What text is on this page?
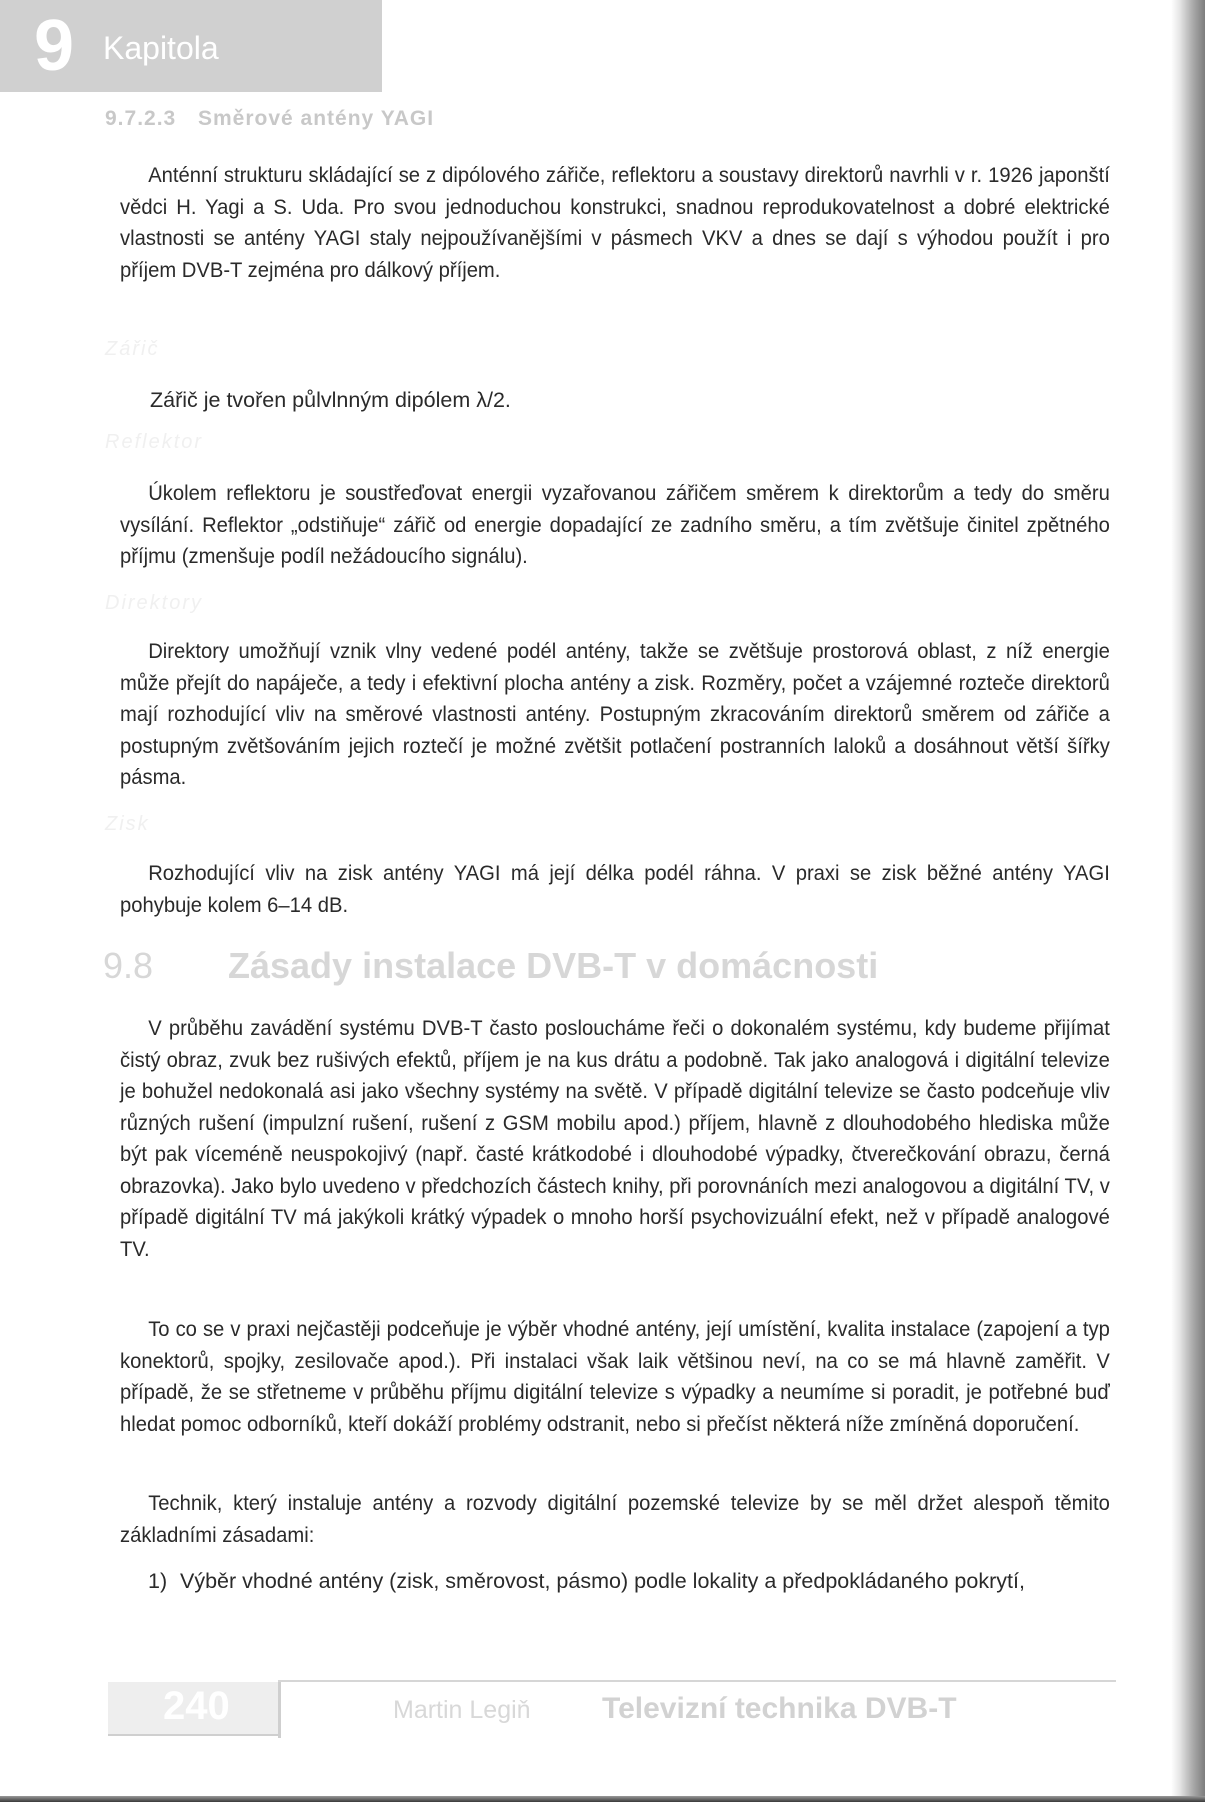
9 Kapitola
9.7.2.3 Směrové antény YAGI

Anténní strukturu skládající se z dipólového zářiče, reflektoru a soustavy direktorů navrhli v r. 1926 japonští vědci H. Yagi a S. Uda. Pro svou jednoduchou konstrukci, snadnou reprodukovatelnost a dobré elektrické vlastnosti se antény YAGI staly nejpoužívanějšími v pásmech VKV a dnes se dají s výhodou použít i pro příjem DVB-T zejména pro dálkový příjem.

Zářič
Zářič je tvořen půlvlnným dipólem λ/2.
Reflektor

Úkolem reflektoru je soustřeďovat energii vyzařovanou zářičem směrem k direktorům a tedy do směru vysílání. Reflektor „odstiňuje“ zářič od energie dopadající ze zadního směru, a tím zvětšuje činitel zpětného příjmu (zmenšuje podíl nežádoucího signálu).

Direktory

Direktory umožňují vznik vlny vedené podél antény, takže se zvětšuje prostorová oblast, z níž energie může přejít do napáječe, a tedy i efektivní plocha antény a zisk. Rozměry, počet a vzájemné rozteče direktorů mají rozhodující vliv na směrové vlastnosti antény. Postupným zkracováním direktorů směrem od zářiče a postupným zvětšováním jejich roztečí je možné zvětšit potlačení postranních laloků a dosáhnout větší šířky pásma.

Zisk

Rozhodující vliv na zisk antény YAGI má její délka podél ráhna. V praxi se zisk běžné antény YAGI pohybuje kolem 6–14 dB.

9.8 Zásady instalace DVB-T v domácnosti

V průběhu zavádění systému DVB-T často posloucháme řeči o dokonalém systému, kdy budeme přijímat čistý obraz, zvuk bez rušivých efektů, příjem je na kus drátu a podobně. Tak jako analogová i digitální televize je bohužel nedokonalá asi jako všechny systémy na světě. V případě digitální televize se často podceňuje vliv různých rušení (impulzní rušení, rušení z GSM mobilu apod.) příjem, hlavně z dlouhodobého hlediska může být pak víceméně neuspokojivý (např. časté krátkodobé i dlouhodobé výpadky, čtverečkování obrazu, černá obrazovka). Jako bylo uvedeno v předchozích částech knihy, při porovnáních mezi analogovou a digitální TV, v případě digitální TV má jakýkoli krátký výpadek o mnoho horší psychovizuální efekt, než v případě analogové TV.

To co se v praxi nejčastěji podceňuje je výběr vhodné antény, její umístění, kvalita instalace (zapojení a typ konektorů, spojky, zesilovače apod.). Při instalaci však laik většinou neví, na co se má hlavně zaměřit. V případě, že se střetneme v průběhu příjmu digitální televize s výpadky a neumíme si poradit, je potřebné buď hledat pomoc odborníků, kteří dokáží problémy odstranit, nebo si přečíst některá níže zmíněná doporučení.

Technik, který instaluje antény a rozvody digitální pozemské televize by se měl držet alespoň těmito základními zásadami:

1) Výběr vhodné antény (zisk, směrovost, pásmo) podle lokality a předpokládaného pokrytí,
240	Martin Legiň Televizní technika DVB-T
